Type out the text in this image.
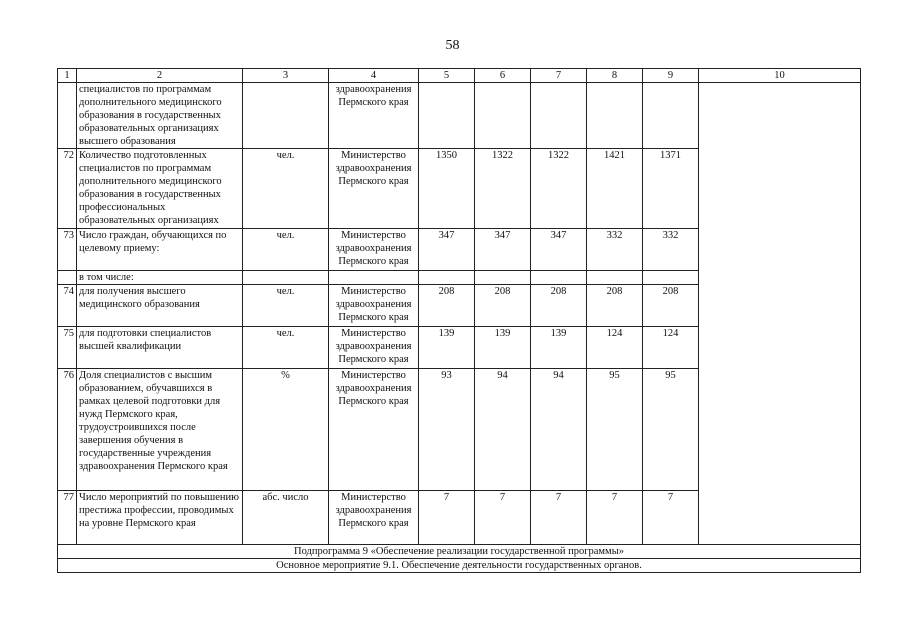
58
1	2	3	4	5	6	7	8	9	10
	специалистов по программам дополнительного медицинского образования в государственных образовательных организациях высшего образования		здравоохранения Пермского края						
72	Количество подготовленных специалистов по программам дополнительного медицинского образования в государственных профессиональных образовательных организациях	чел.	Министерство здравоохранения Пермского края	1350	1322	1322	1421	1371	
73	Число граждан, обучающихся по целевому приему:	чел.	Министерство здравоохранения Пермского края	347	347	347	332	332	
	в том числе:								
74	для получения высшего медицинского образования	чел.	Министерство здравоохранения Пермского края	208	208	208	208	208	
75	для подготовки специалистов высшей квалификации	чел.	Министерство здравоохранения Пермского края	139	139	139	124	124	
76	Доля специалистов с высшим образованием, обучавшихся в рамках целевой подготовки для нужд Пермского края, трудоустроившихся после завершения обучения в государственные учреждения здравоохранения Пермского края	%	Министерство здравоохранения Пермского края	93	94	94	95	95	
77	Число мероприятий по повышению престижа профессии, проводимых на уровне Пермского края	абс. число	Министерство здравоохранения Пермского края	7	7	7	7	7	
Подпрограмма 9 «Обеспечение реализации государственной программы»									
Основное мероприятие 9.1. Обеспечение деятельности государственных органов.									
